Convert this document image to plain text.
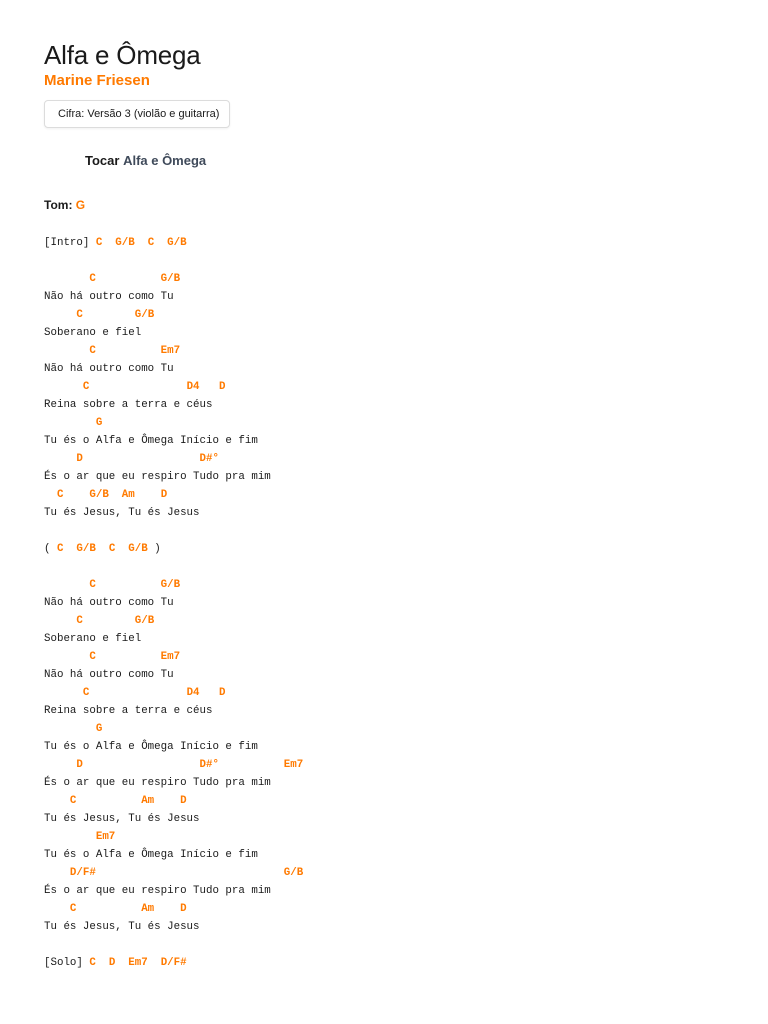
Alfa e Ômega
Marine Friesen
Cifra: Versão 3 (violão e guitarra)
Tocar Alfa e Ômega
Tom: G
[Intro] C G/B C G/B

C	G/B
Não há outro como Tu
C	G/B
Soberano e fiel
C	Em7
Não há outro como Tu
C	D4 D
Reina sobre a terra e céus
G
Tu és o Alfa e Ômega Início e fim
D	D#°
És o ar que eu respiro Tudo pra mim
C G/B Am D
Tu és Jesus, Tu és Jesus

( C G/B C G/B )

C	G/B
Não há outro como Tu
C	G/B
Soberano e fiel
C	Em7
Não há outro como Tu
C	D4 D
Reina sobre a terra e céus
G
Tu és o Alfa e Ômega Início e fim
D	D#°	Em7
És o ar que eu respiro Tudo pra mim
C	Am D
Tu és Jesus, Tu és Jesus
Em7
Tu és o Alfa e Ômega Início e fim
D/F#	G/B
És o ar que eu respiro Tudo pra mim
C	Am D
Tu és Jesus, Tu és Jesus

[Solo] C D Em7 D/F#
